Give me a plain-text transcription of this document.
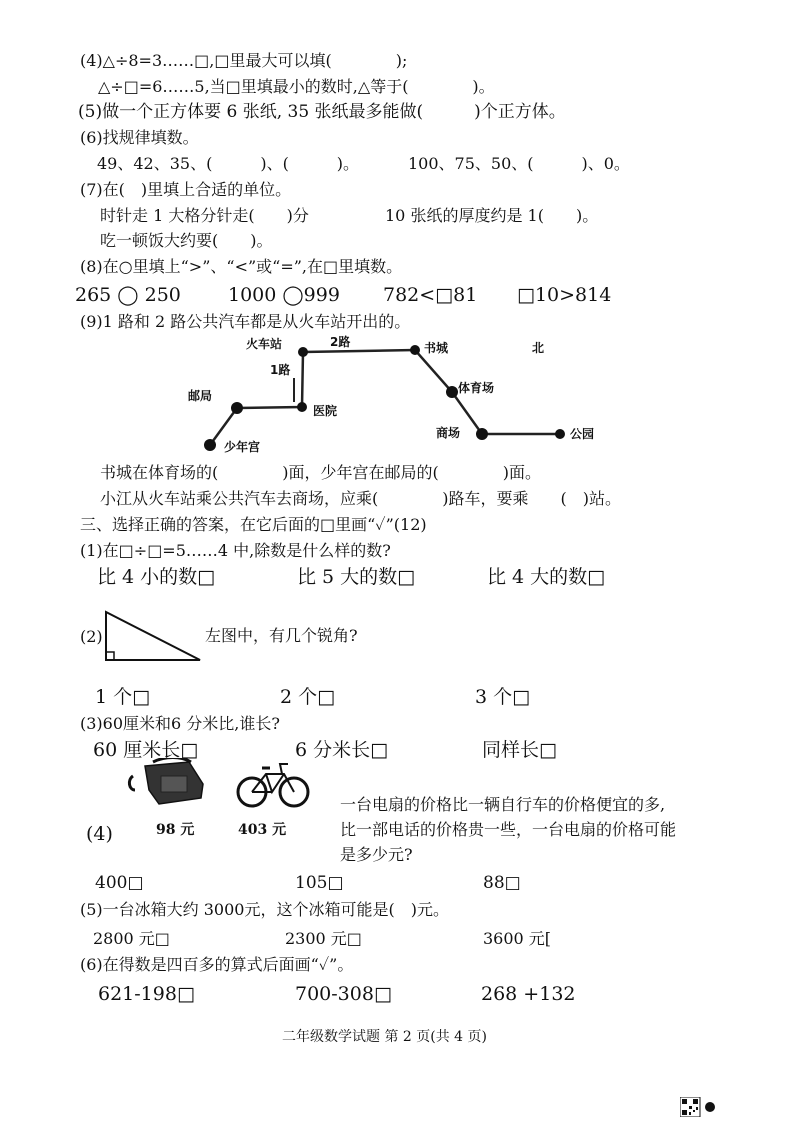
(4)△÷8=3……□,□里最大可以填(　　　　);
△÷□=6……5,当□里填最小的数时,△等于(　　　　)。
(5)做一个正方体要 6 张纸, 35 张纸最多能做(　　　)个正方体。
(6)找规律填数。
49、42、35、(　　　)、(　　　)。	100、75、50、(　　　)、0。
(7)在(　)里填上合适的单位。
时针走 1 大格分针走(　　)分	10 张纸的厚度约是 1(　　)。
吃一顿饭大约要(　　)。
(8)在○里填上“>”、“<”或“=”,在□里填数。
265 ◯ 250 1000 ◯999 782<□81 □10>814
(9)1 路和 2 路公共汽车都是从火车站开出的。
火车站	2路
1路
书城	北
邮局
医院
体育场
少年宫
商场	公园
书城在体育场的(　　　　)面，少年宫在邮局的(　　　　)面。
小江从火车站乘公共汽车去商场，应乘(　　　　)路车，要乘　　(　)站。
三、选择正确的答案，在它后面的□里画“✓”(12)
(1)在□÷□=5……4 中,除数是什么样的数?
比 4 小的数□	比 5 大的数□	比 4 大的数□
(2)	左图中，有几个锐角?
1 个□	2 个□	3 个□
(3)60厘米和6 分米比,谁长?
60 厘米长□	6 分米长□	同样长□
(4)	98 元	403 元
一台电扇的价格比一辆自行车的价格便宜的多,
比一部电话的价格贵一些，一台电扇的价格可能
是多少元?
400□	105□	88□
(5)一台冰箱大约 3000元，这个冰箱可能是(　)元。
2800 元□	2300 元□	3600 元[
(6)在得数是四百多的算式后面画“✓”。
621-198□	700-308□	268 +132
二年级数学试题 第 2 页(共 4 页)
